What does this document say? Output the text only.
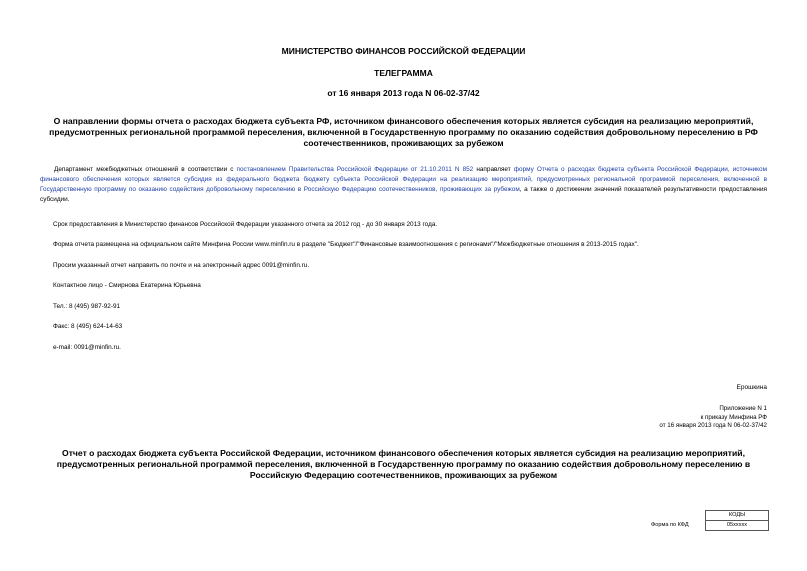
МИНИСТЕРСТВО ФИНАНСОВ РОССИЙСКОЙ ФЕДЕРАЦИИ
ТЕЛЕГРАММА
от 16 января 2013 года N 06-02-37/42
О направлении формы отчета о расходах бюджета субъекта РФ, источником финансового обеспечения которых является субсидия на реализацию мероприятий, предусмотренных региональной программой переселения, включенной в Государственную программу по оказанию содействия добровольному переселению в РФ соотечественников, проживающих за рубежом
Департамент межбюджетных отношений в соответствии с постановлением Правительства Российской Федерации от 21.10.2011 N 852 направляет форму Отчета о расходах бюджета субъекта Российской Федерации, источником финансового обеспечения которых является субсидия из федерального бюджета бюджету субъекта Российской Федерации на реализацию мероприятий, предусмотренных региональной программой переселения, включенной в Государственную программу по оказанию содействия добровольному переселению в Российскую Федерацию соотечественников, проживающих за рубежом, а также о достижении значений показателей результативности предоставления субсидии.
Срок предоставления в Министерство финансов Российской Федерации указанного отчета за 2012 год - до 30 января 2013 года.
Форма отчета размещена на официальном сайте Минфина России www.minfin.ru в разделе "Бюджет"/"Финансовые взаимоотношения с регионами"/"Межбюджетные отношения в 2013-2015 годах".
Просим указанный отчет направить по почте и на электронный адрес 0091@minfin.ru.
Контактное лицо - Смирнова Екатерина Юрьевна
Тел.: 8 (495) 987-92-91
Факс: 8 (495) 624-14-63
e-mail: 0091@minfin.ru.
Ерошкина
Приложение N 1
к приказу Минфина РФ
от 16 января 2013 года N 06-02-37/42
Отчет о расходах бюджета субъекта Российской Федерации, источником финансового обеспечения которых является субсидия на реализацию мероприятий, предусмотренных региональной программой переселения, включенной в Государственную программу по оказанию содействия добровольному переселению в Российскую Федерацию соотечественников, проживающих за рубежом
Форма по КФД
КОДЫ
05ххххх
